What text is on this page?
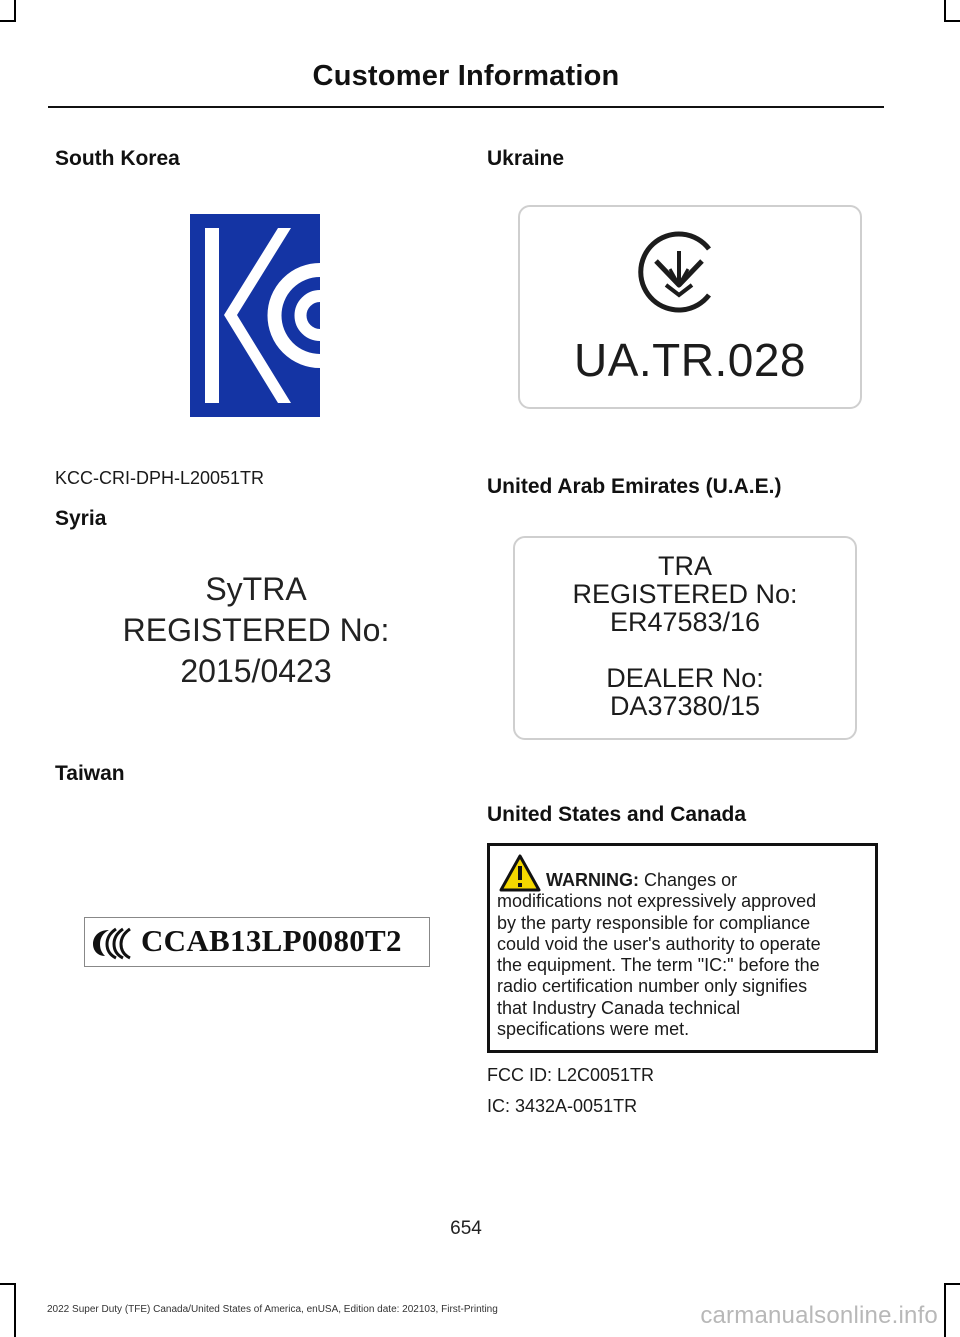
Customer Information
South Korea
KCC-CRI-DPH-L20051TR
Syria
SyTRA
REGISTERED No:
2015/0423
Taiwan
CCAB13LP0080T2
Ukraine
UA.TR.028
United Arab Emirates (U.A.E.)
TRA
REGISTERED No:
ER47583/16
DEALER No:
DA37380/15
United States and Canada
WARNING: Changes or
modifications not expressively approved
by the party responsible for compliance
could void the user's authority to operate
the equipment. The term "IC:" before the
radio certification number only signifies
that Industry Canada technical
specifications were met.
FCC ID: L2C0051TR
IC: 3432A-0051TR
654
2022 Super Duty (TFE) Canada/United States of America, enUSA, Edition date: 202103, First-Printing	carmanualsonline.info
